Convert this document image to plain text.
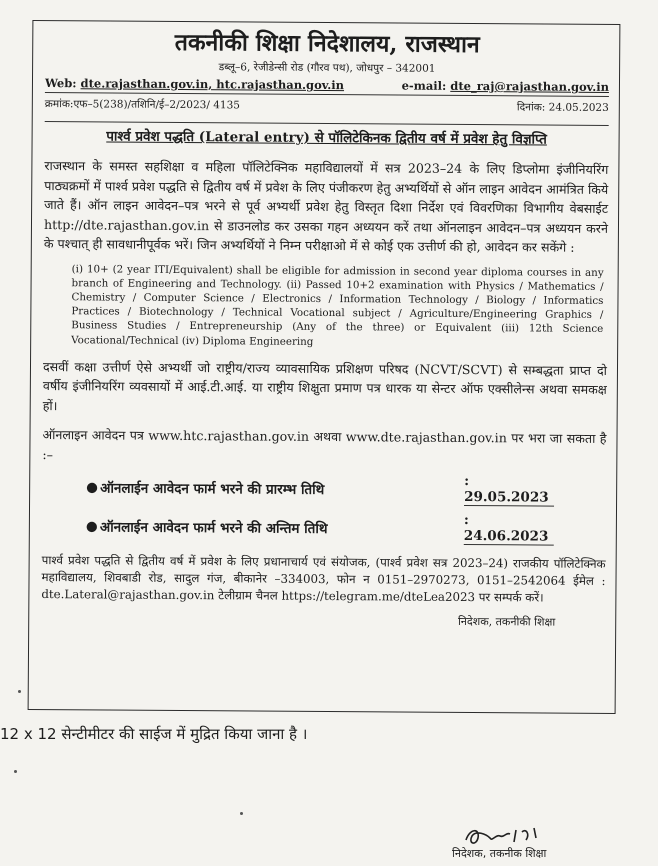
तकनीकी शिक्षा निदेशालय, राजस्थान
डब्लू–6, रेजीडेन्सी रोड (गौरव पथ), जोधपुर – 342001
Web: dte.rajasthan.gov.in, htc.rajasthan.gov.in	e-mail: dte_raj@rajasthan.gov.in
क्रमांक:एफ–5(238)/तशिनि/ई–2/2023/ 4135	दिनांक: 24.05.2023
पार्श्व प्रवेश पद्धति (Lateral entry) से पॉलिटेकिनक द्वितीय वर्ष में प्रवेश हेतु विज्ञप्ति
राजस्थान के समस्त सहशिक्षा व महिला पॉलिटेक्निक महाविद्यालयों में सत्र 2023–24 के लिए डिप्लोमा इंजीनियरिंग पाठ्यक्रमों में पार्श्व प्रवेश पद्धति से द्वितीय वर्ष में प्रवेश के लिए पंजीकरण हेतु अभ्यर्थियों से ऑन लाइन आवेदन आमंत्रित किये जाते हैं। ऑन लाइन आवेदन–पत्र भरने से पूर्व अभ्यर्थी प्रवेश हेतु विस्तृत दिशा निर्देश एवं विवरणिका विभागीय वेबसाईट http://dte.rajasthan.gov.in से डाउनलोड कर उसका गहन अध्ययन करें तथा ऑनलाइन आवेदन–पत्र अध्ययन करने के पश्चात् ही सावधानीपूर्वक भरें। जिन अभ्यर्थियों ने निम्न परीक्षाओ में से कोई एक उत्तीर्ण की हो, आवेदन कर सकेंगे :
(i) 10+ (2 year ITI/Equivalent) shall be eligible for admission in second year diploma courses in any branch of Engineering and Technology. (ii) Passed 10+2 examination with Physics / Mathematics / Chemistry / Computer Science / Electronics / Information Technology / Biology / Informatics Practices / Biotechnology / Technical Vocational subject / Agriculture/Engineering Graphics / Business Studies / Entrepreneurship (Any of the three) or Equivalent (iii) 12th Science Vocational/Technical (iv) Diploma Engineering
दसवीं कक्षा उत्तीर्ण ऐसे अभ्यर्थी जो राष्ट्रीय/राज्य व्यावसायिक प्रशिक्षण परिषद (NCVT/SCVT) से सम्बद्धता प्राप्त दो वर्षीय इंजीनियरिंग व्यवसायों में आई.टी.आई. या राष्ट्रीय शिक्षुता प्रमाण पत्र धारक या सेन्टर ऑफ एक्सीलेन्स अथवा समकक्ष हों।
ऑनलाइन आवेदन पत्र www.htc.rajasthan.gov.in अथवा www.dte.rajasthan.gov.in पर भरा जा सकता है :–
● ऑनलाईन आवेदन फार्म भरने की प्रारम्भ तिथि	: 29.05.2023
● ऑनलाईन आवेदन फार्म भरने की अन्तिम तिथि	: 24.06.2023
पार्श्व प्रवेश पद्धति से द्वितीय वर्ष में प्रवेश के लिए प्रधानाचार्य एवं संयोजक, (पार्श्व प्रवेश सत्र 2023–24) राजकीय पॉलिटेक्निक महाविद्यालय, शिवबाडी रोड, सादुल गंज, बीकानेर –334003, फोन न 0151–2970273, 0151–2542064 ईमेल : dte.Lateral@rajasthan.gov.in टेलीग्राम चैनल https://telegram.me/dteLea2023 पर सम्पर्क करें।
निदेशक, तकनीकी शिक्षा
12 x 12 सेन्टीमीटर की साईज में मुद्रित किया जाना है ।
निदेशक, तकनीक शिक्षा
